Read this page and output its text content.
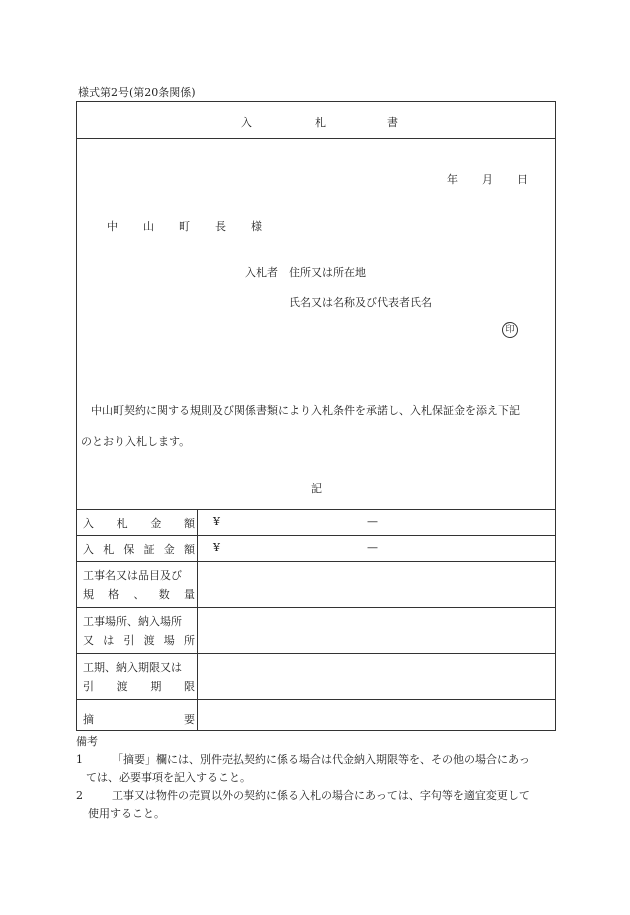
様式第2号(第20条関係)
入	札	書
年 月 日
中 山 町 長 様
入札者 住所又は所在地
氏名又は名称及び代表者氏名
印
中山町契約に関する規則及び関係書類により入札条件を承諾し、入札保証金を添え下記
のとおり入札します。
記
入 札 金 額 ¥	—
入 札 保 証 金 額 ¥	—
工事名又は品目及び
規 格 、 数 量
工事場所、納入場所
又 は 引 渡 場 所
工期、納入期限又は
引 渡 期 限
摘	要
備考
1	「摘要」欄には、別件売払契約に係る場合は代金納入期限等を、その他の場合にあっ
ては、必要事項を記入すること。
2	工事又は物件の売買以外の契約に係る入札の場合にあっては、字句等を適宜変更して
使用すること。
